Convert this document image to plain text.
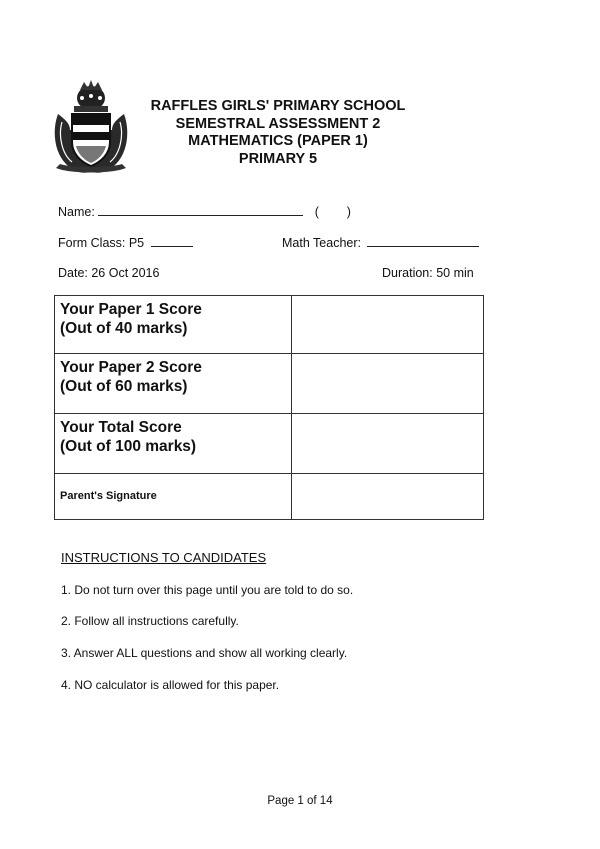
RAFFLES GIRLS' PRIMARY SCHOOL
SEMESTRAL ASSESSMENT 2
MATHEMATICS (PAPER 1)
PRIMARY 5
Name:	(        )
Form Class: P5	Math Teacher:
Date: 26 Oct 2016	Duration: 50 min
Your Paper 1 Score
(Out of 40 marks)	

Your Paper 2 Score
(Out of 60 marks)	

Your Total Score
(Out of 100 marks)	

Parent's Signature	
INSTRUCTIONS TO CANDIDATES
1. Do not turn over this page until you are told to do so.
2. Follow all instructions carefully.
3. Answer ALL questions and show all working clearly.
4. NO calculator is allowed for this paper.
Page 1 of 14
